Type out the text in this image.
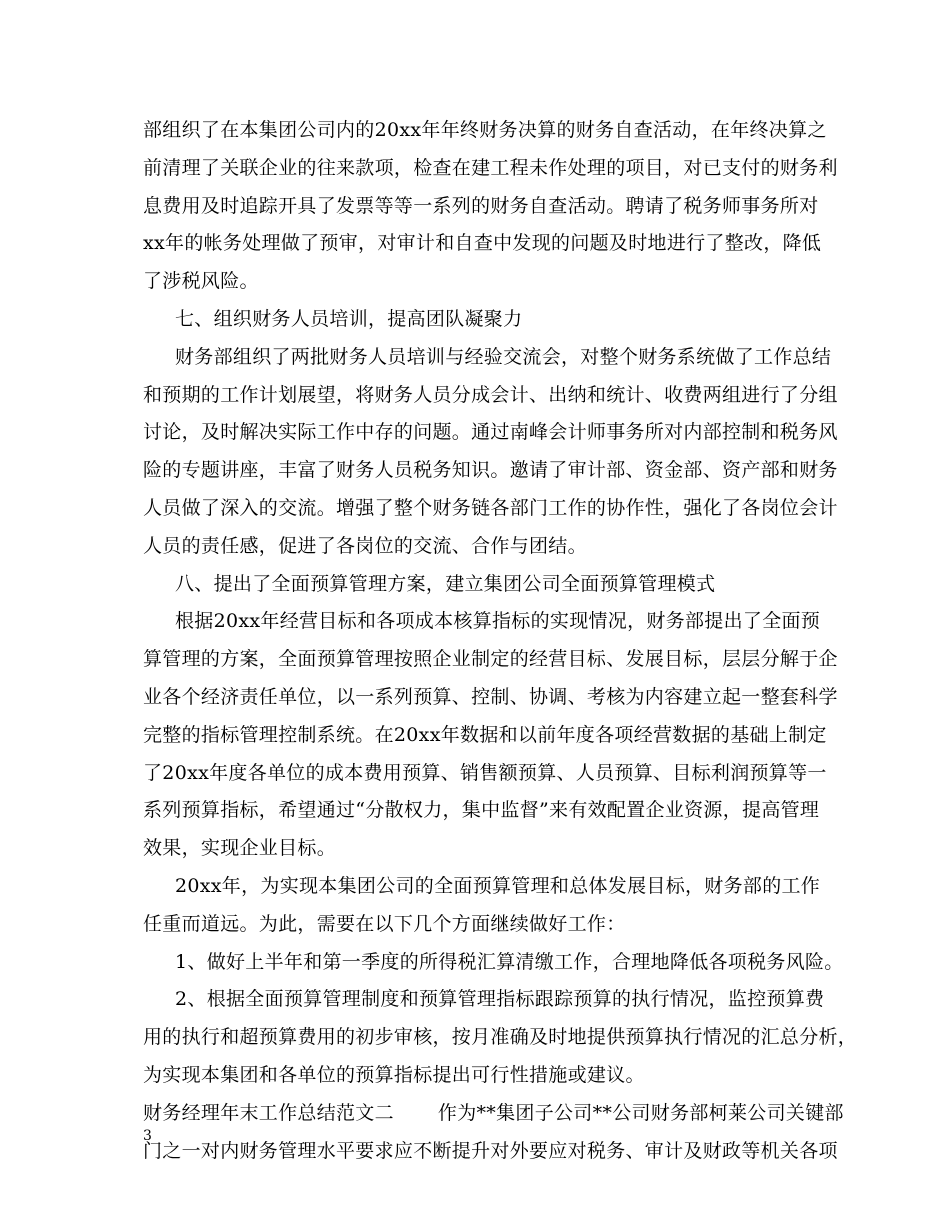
部组织了在本集团公司内的20xx年年终财务决算的财务自查活动，在年终决算之
前清理了关联企业的往来款项，检查在建工程未作处理的项目，对已支付的财务利
息费用及时追踪开具了发票等等一系列的财务自查活动。聘请了税务师事务所对
xx年的帐务处理做了预审，对审计和自查中发现的问题及时地进行了整改，降低
了涉税风险。

七、组织财务人员培训，提高团队凝聚力

财务部组织了两批财务人员培训与经验交流会，对整个财务系统做了工作总结
和预期的工作计划展望，将财务人员分成会计、出纳和统计、收费两组进行了分组
讨论，及时解决实际工作中存的问题。通过南峰会计师事务所对内部控制和税务风
险的专题讲座，丰富了财务人员税务知识。邀请了审计部、资金部、资产部和财务
人员做了深入的交流。增强了整个财务链各部门工作的协作性，强化了各岗位会计
人员的责任感，促进了各岗位的交流、合作与团结。

八、提出了全面预算管理方案，建立集团公司全面预算管理模式

根据20xx年经营目标和各项成本核算指标的实现情况，财务部提出了全面预
算管理的方案，全面预算管理按照企业制定的经营目标、发展目标，层层分解于企
业各个经济责任单位，以一系列预算、控制、协调、考核为内容建立起一整套科学
完整的指标管理控制系统。在20xx年数据和以前年度各项经营数据的基础上制定
了20xx年度各单位的成本费用预算、销售额预算、人员预算、目标利润预算等一
系列预算指标，希望通过“分散权力，集中监督”来有效配置企业资源，提高管理
效果，实现企业目标。

20xx年，为实现本集团公司的全面预算管理和总体发展目标，财务部的工作
任重而道远。为此，需要在以下几个方面继续做好工作：

1、做好上半年和第一季度的所得税汇算清缴工作，合理地降低各项税务风险。

2、根据全面预算管理制度和预算管理指标跟踪预算的执行情况，监控预算费
用的执行和超预算费用的初步审核，按月准确及时地提供预算执行情况的汇总分析，
为实现本集团和各单位的预算指标提出可行性措施或建议。

财务经理年末工作总结范文二 作为**集团子公司**公司财务部柯莱公司关键部
门之一对内财务管理水平要求应不断提升对外要应对税务、审计及财政等机关各项

3
